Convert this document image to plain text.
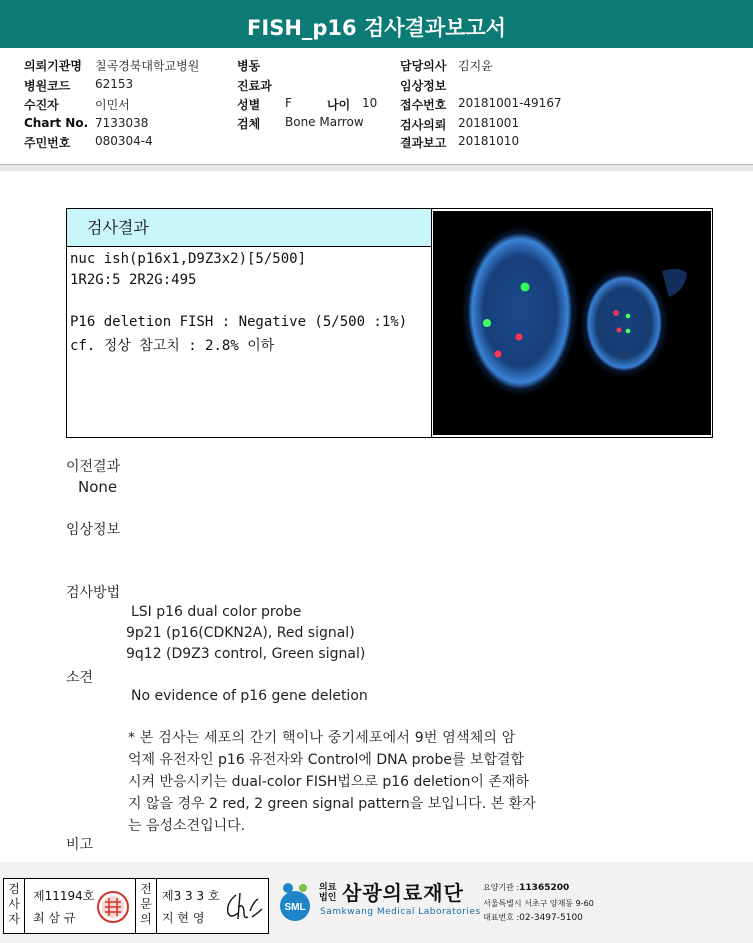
FISH_p16 검사결과보고서
의뢰기관명 칠곡경북대학교병원
병원코드 62153
수진자	이민서
Chart No. 7133038
주민번호 080304-4
병동
진료과
성별 F	나이 10
검체 Bone Marrow
담당의사 김지윤
임상정보
접수번호 20181001-49167
검사의뢰 20181001
결과보고 20181010
검사결과
nuc ish(p16x1,D9Z3x2)[5/500]
1R2G:5 2R2G:495
P16 deletion FISH : Negative (5/500 :1%)
cf. 정상 참고치 : 2.8% 이하
이전결과
None
임상정보
검사방법
LSI p16 dual color probe
9p21 (p16(CDKN2A), Red signal)
9q12 (D9Z3 control, Green signal)
소견
No evidence of p16 gene deletion
* 본 검사는 세포의 간기 핵이나 중기세포에서 9번 염색체의 암
억제 유전자인 p16 유전자와 Control에 DNA probe를 보합결합
시켜 반응시키는 dual-color FISH법으로 p16 deletion이 존재하
지 않을 경우 2 red, 2 green signal pattern을 보입니다. 본 환자
는 음성소견입니다.
비고
검
사
자
제11194호
최 삼 규
전
문
의
제3 3 3 호
지 현 영
SML
의료
법인 삼광의료재단
Samkwang Medical Laboratories
요양기관 :11365200
서울특별시 서초구 양재동 9-60
대표번호 :02-3497-5100
